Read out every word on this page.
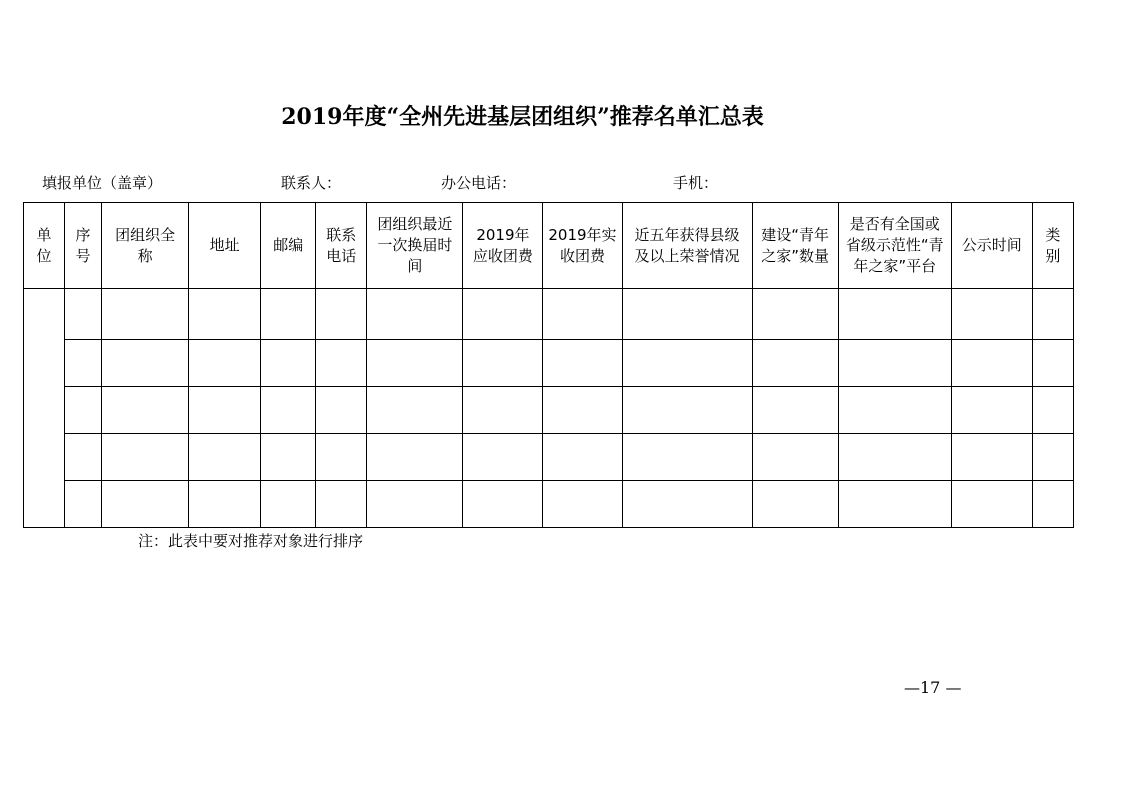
2019年度“全州先进基层团组织”推荐名单汇总表
填报单位（盖章）	联系人：	办公电话：	手机：
单位	序号	团组织全称	地址	邮编	联系电话	团组织最近一次换届时间	2019年应收团费	2019年实收团费	近五年获得县级及以上荣誉情况	建设“青年之家”数量	是否有全国或省级示范性“青年之家”平台	公示时间	类别

注：此表中要对推荐对象进行排序
—17 —
